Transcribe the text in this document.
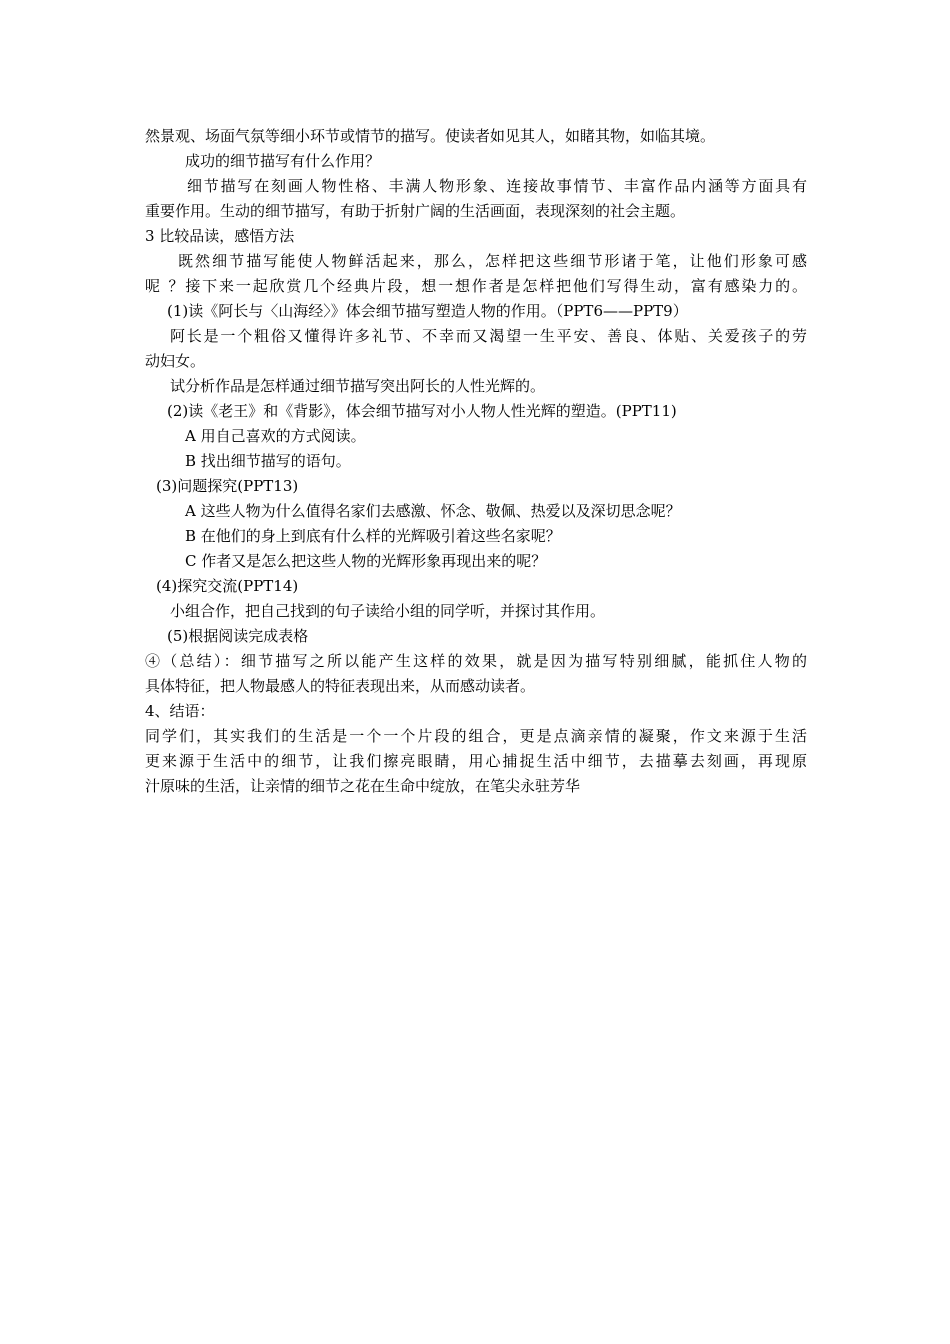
然景观、场面气氛等细小环节或情节的描写。使读者如见其人，如睹其物，如临其境。
成功的细节描写有什么作用？
细节描写在刻画人物性格、丰满人物形象、连接故事情节、丰富作品内涵等方面具有
重要作用。生动的细节描写，有助于折射广阔的生活画面，表现深刻的社会主题。
3 比较品读，感悟方法
既然细节描写能使人物鲜活起来，那么，怎样把这些细节形诸于笔，让他们形象可感
呢 ？接下来一起欣赏几个经典片段，想一想作者是怎样把他们写得生动，富有感染力的。
(1)读《阿长与〈山海经〉》体会细节描写塑造人物的作用。（PPT6——PPT9）
阿长是一个粗俗又懂得许多礼节、不幸而又渴望一生平安、善良、体贴、关爱孩子的劳
动妇女。
试分析作品是怎样通过细节描写突出阿长的人性光辉的。
(2)读《老王》和《背影》，体会细节描写对小人物人性光辉的塑造。(PPT11)
A 用自己喜欢的方式阅读。
B 找出细节描写的语句。
(3)问题探究(PPT13)
A 这些人物为什么值得名家们去感激、怀念、敬佩、热爱以及深切思念呢？
B 在他们的身上到底有什么样的光辉吸引着这些名家呢？
C 作者又是怎么把这些人物的光辉形象再现出来的呢？
(4)探究交流(PPT14)
小组合作，把自己找到的句子读给小组的同学听，并探讨其作用。
(5)根据阅读完成表格
④（总结）：细节描写之所以能产生这样的效果，就是因为描写特别细腻，能抓住人物的
具体特征，把人物最感人的特征表现出来，从而感动读者。
4、结语：
同学们，其实我们的生活是一个一个片段的组合，更是点滴亲情的凝聚，作文来源于生活
更来源于生活中的细节，让我们擦亮眼睛，用心捕捉生活中细节，去描摹去刻画，再现原
汁原味的生活，让亲情的细节之花在生命中绽放，在笔尖永驻芳华
